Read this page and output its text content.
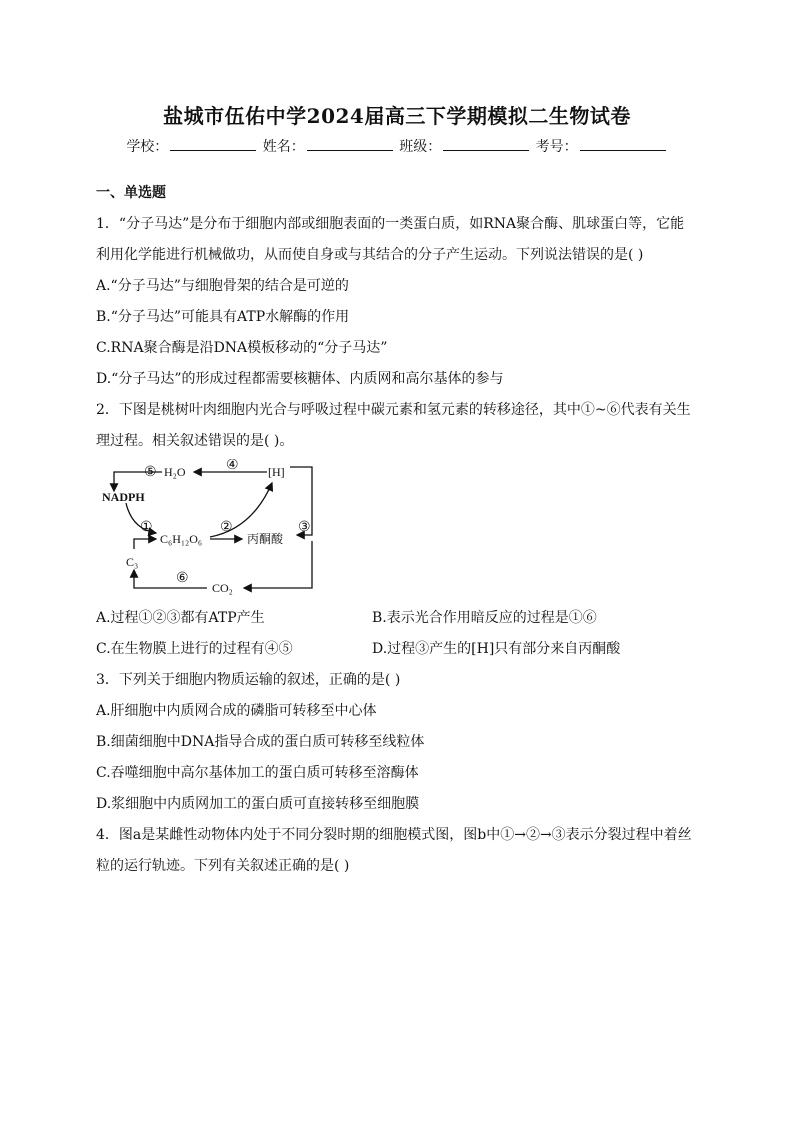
盐城市伍佑中学2024届高三下学期模拟二生物试卷
学校：	姓名：	班级：	考号：
一、单选题
1．“分子马达”是分布于细胞内部或细胞表面的一类蛋白质，如RNA聚合酶、肌球蛋白等，它能利用化学能进行机械做功，从而使自身或与其结合的分子产生运动。下列说法错误的是( )
A.“分子马达”与细胞骨架的结合是可逆的
B.“分子马达”可能具有ATP水解酶的作用
C.RNA聚合酶是沿DNA模板移动的“分子马达”
D.“分子马达”的形成过程都需要核糖体、内质网和高尔基体的参与
2．下图是桃树叶肉细胞内光合与呼吸过程中碳元素和氢元素的转移途径，其中①~⑥代表有关生理过程。相关叙述错误的是( )。
H₂O	[H]
NADPH
C₆H₁₂O₆	丙酮酸
C₃
CO₂
⑤	④
①	②	③
⑥
A.过程①②③都有ATP产生	B.表示光合作用暗反应的过程是①⑥
C.在生物膜上进行的过程有④⑤	D.过程③产生的[H]只有部分来自丙酮酸
3．下列关于细胞内物质运输的叙述，正确的是( )
A.肝细胞中内质网合成的磷脂可转移至中心体
B.细菌细胞中DNA指导合成的蛋白质可转移至线粒体
C.吞噬细胞中高尔基体加工的蛋白质可转移至溶酶体
D.浆细胞中内质网加工的蛋白质可直接转移至细胞膜
4．图a是某雌性动物体内处于不同分裂时期的细胞模式图，图b中①→②→③表示分裂过程中着丝粒的运行轨迹。下列有关叙述正确的是( )
